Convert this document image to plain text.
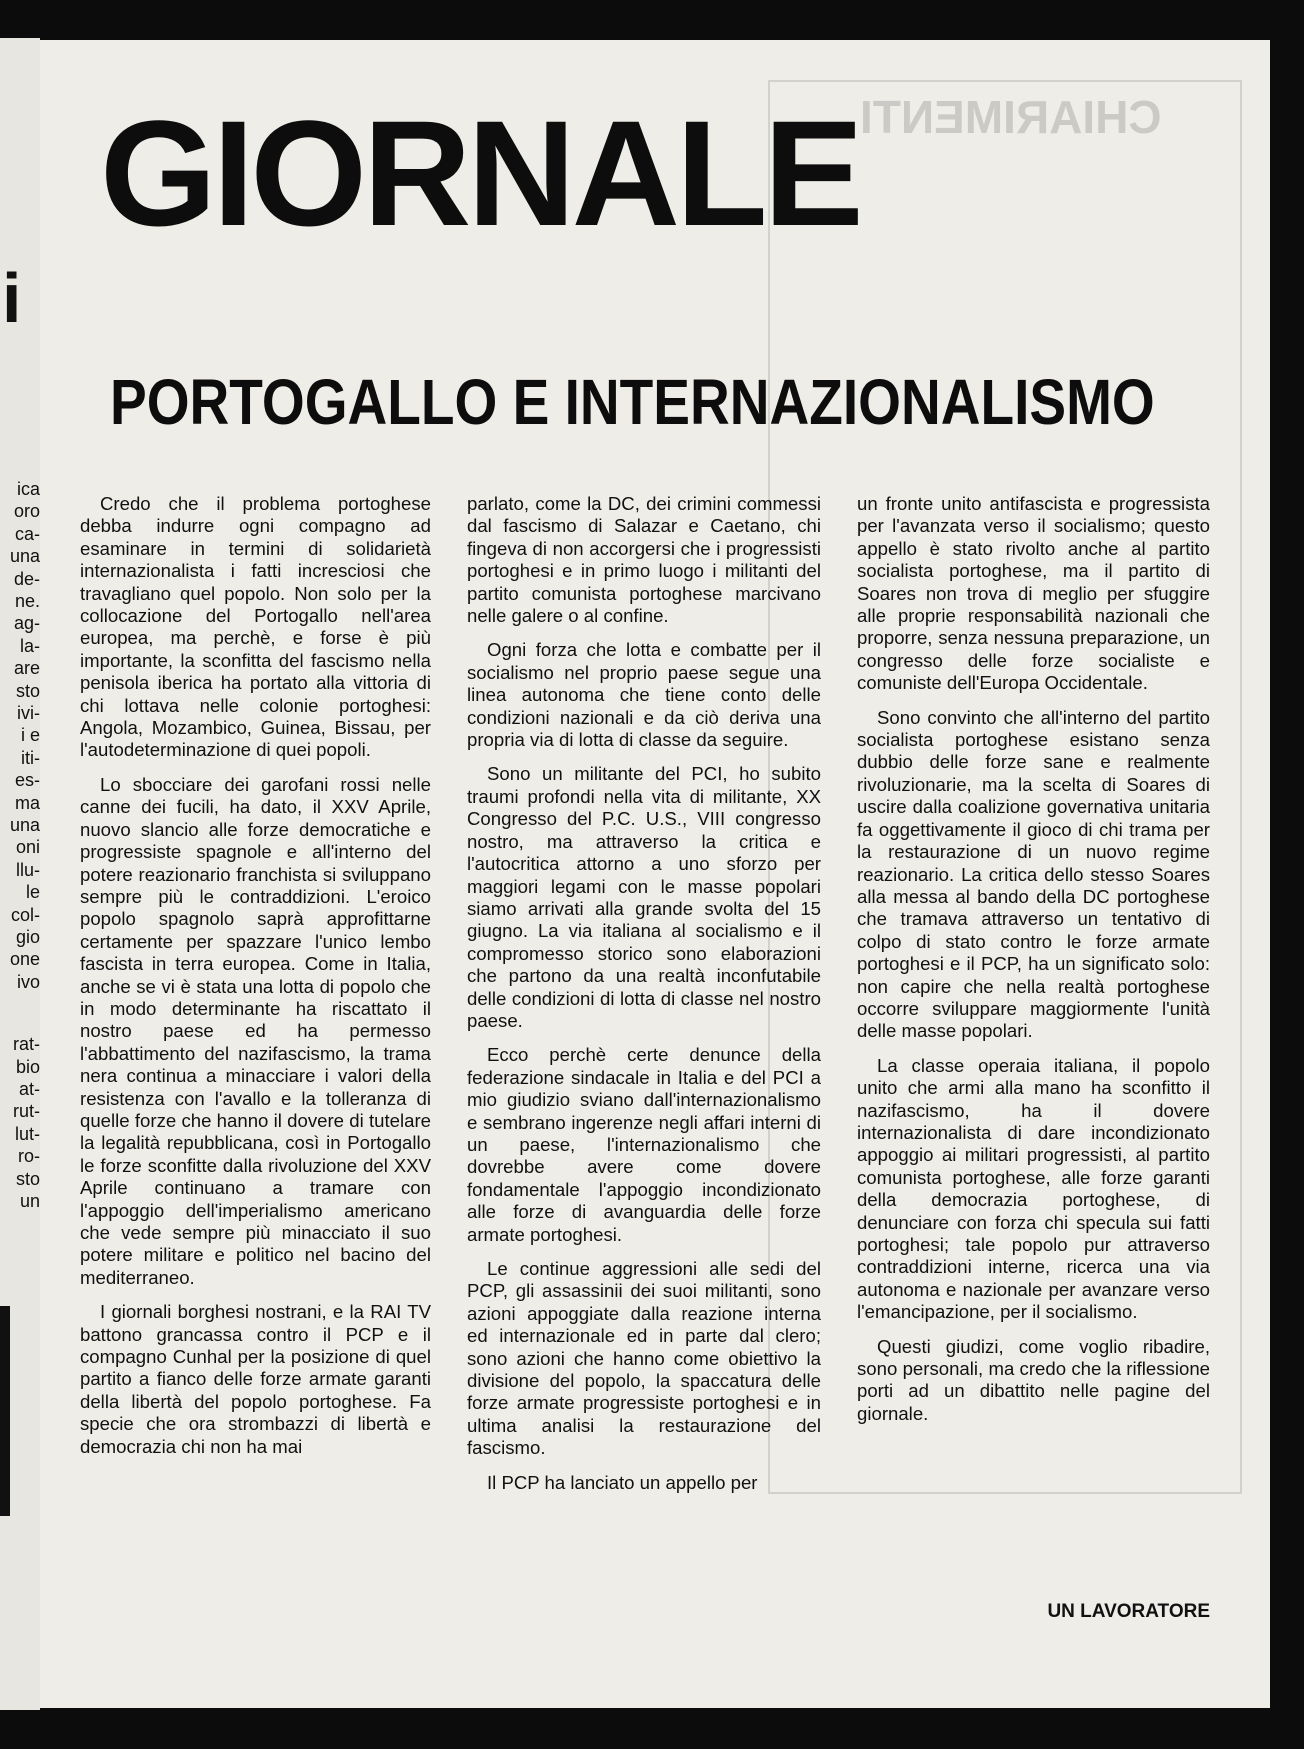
i
ica
oro
ca-
una
de-
ne.
ag-
la-
are
sto
ivi-
i e
iti-
es-
ma
una
oni
llu-
le
col-
gio
one
ivo
rat-
bio
at-
rut-
lut-
ro-
sto
un
CHIARIMENTI
GIORNALE
PORTOGALLO E INTERNAZIONALISMO

Credo che il problema portoghese debba indurre ogni compagno ad esaminare in termini di solidarietà internazionalista i fatti incresciosi che travagliano quel popolo. Non solo per la collocazione del Portogallo nell'area europea, ma perchè, e forse è più importante, la sconfitta del fascismo nella penisola iberica ha portato alla vittoria di chi lottava nelle colonie portoghesi: Angola, Mozambico, Guinea, Bissau, per l'autodeterminazione di quei popoli.

Lo sbocciare dei garofani rossi nelle canne dei fucili, ha dato, il XXV Aprile, nuovo slancio alle forze democratiche e progressiste spagnole e all'interno del potere reazionario franchista si sviluppano sempre più le contraddizioni. L'eroico popolo spagnolo saprà approfittarne certamente per spazzare l'unico lembo fascista in terra europea. Come in Italia, anche se vi è stata una lotta di popolo che in modo determinante ha riscattato il nostro paese ed ha permesso l'abbattimento del nazifascismo, la trama nera continua a minacciare i valori della resistenza con l'avallo e la tolleranza di quelle forze che hanno il dovere di tutelare la legalità repubblicana, così in Portogallo le forze sconfitte dalla rivoluzione del XXV Aprile continuano a tramare con l'appoggio dell'imperialismo americano che vede sempre più minacciato il suo potere militare e politico nel bacino del mediterraneo.

I giornali borghesi nostrani, e la RAI TV battono grancassa contro il PCP e il compagno Cunhal per la posizione di quel partito a fianco delle forze armate garanti della libertà del popolo portoghese. Fa specie che ora strombazzi di libertà e democrazia chi non ha mai

parlato, come la DC, dei crimini commessi dal fascismo di Salazar e Caetano, chi fingeva di non accorgersi che i progressisti portoghesi e in primo luogo i militanti del partito comunista portoghese marcivano nelle galere o al confine.

Ogni forza che lotta e combatte per il socialismo nel proprio paese segue una linea autonoma che tiene conto delle condizioni nazionali e da ciò deriva una propria via di lotta di classe da seguire.

Sono un militante del PCI, ho subito traumi profondi nella vita di militante, XX Congresso del P.C. U.S., VIII congresso nostro, ma attraverso la critica e l'autocritica attorno a uno sforzo per maggiori legami con le masse popolari siamo arrivati alla grande svolta del 15 giugno. La via italiana al socialismo e il compromesso storico sono elaborazioni che partono da una realtà inconfutabile delle condizioni di lotta di classe nel nostro paese.

Ecco perchè certe denunce della federazione sindacale in Italia e del PCI a mio giudizio sviano dall'internazionalismo e sembrano ingerenze negli affari interni di un paese, l'internazionalismo che dovrebbe avere come dovere fondamentale l'appoggio incondizionato alle forze di avanguardia delle forze armate portoghesi.

Le continue aggressioni alle sedi del PCP, gli assassinii dei suoi militanti, sono azioni appoggiate dalla reazione interna ed internazionale ed in parte dal clero; sono azioni che hanno come obiettivo la divisione del popolo, la spaccatura delle forze armate progressiste portoghesi e in ultima analisi la restaurazione del fascismo.

Il PCP ha lanciato un appello per

un fronte unito antifascista e progressista per l'avanzata verso il socialismo; questo appello è stato rivolto anche al partito socialista portoghese, ma il partito di Soares non trova di meglio per sfuggire alle proprie responsabilità nazionali che proporre, senza nessuna preparazione, un congresso delle forze socialiste e comuniste dell'Europa Occidentale.

Sono convinto che all'interno del partito socialista portoghese esistano senza dubbio delle forze sane e realmente rivoluzionarie, ma la scelta di Soares di uscire dalla coalizione governativa unitaria fa oggettivamente il gioco di chi trama per la restaurazione di un nuovo regime reazionario. La critica dello stesso Soares alla messa al bando della DC portoghese che tramava attraverso un tentativo di colpo di stato contro le forze armate portoghesi e il PCP, ha un significato solo: non capire che nella realtà portoghese occorre sviluppare maggiormente l'unità delle masse popolari.

La classe operaia italiana, il popolo unito che armi alla mano ha sconfitto il nazifascismo, ha il dovere internazionalista di dare incondizionato appoggio ai militari progressisti, al partito comunista portoghese, alle forze garanti della democrazia portoghese, di denunciare con forza chi specula sui fatti portoghesi; tale popolo pur attraverso contraddizioni interne, ricerca una via autonoma e nazionale per avanzare verso l'emancipazione, per il socialismo.

Questi giudizi, come voglio ribadire, sono personali, ma credo che la riflessione porti ad un dibattito nelle pagine del giornale.

UN LAVORATORE
